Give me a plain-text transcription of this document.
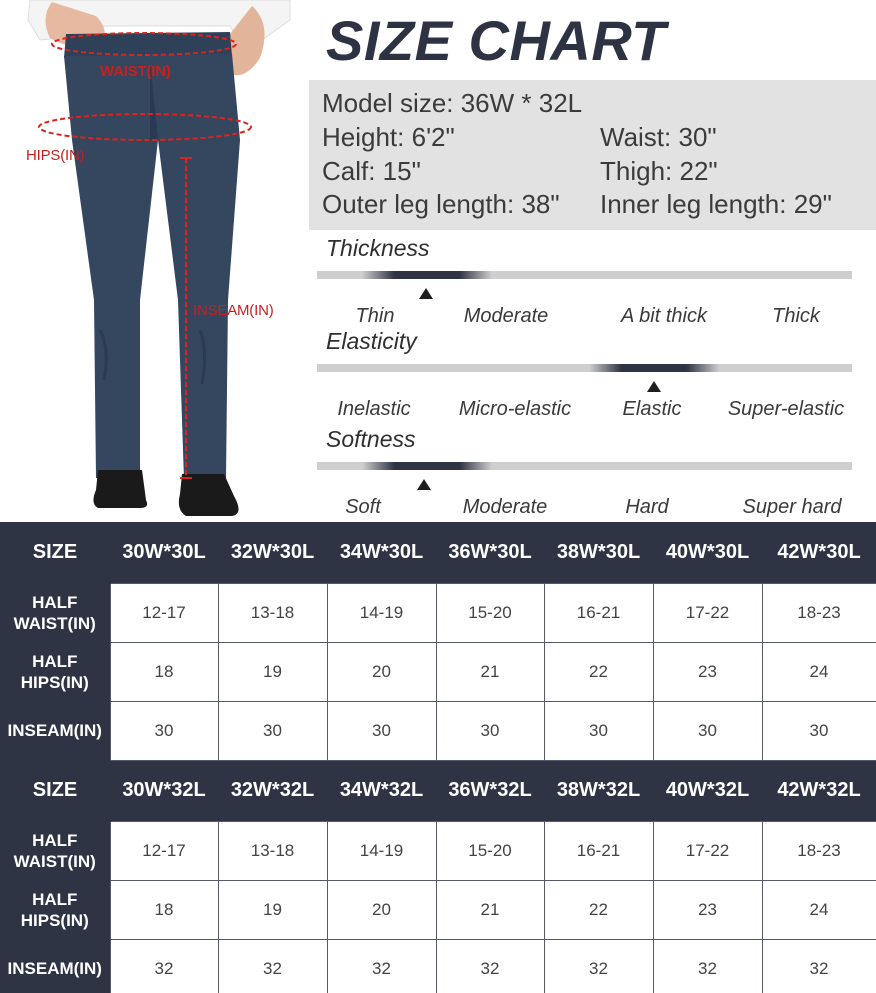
WAIST(IN)
HIPS(IN)
INSEAM(IN)
SIZE CHART
Model size: 36W * 32L
Height: 6'2"	Waist: 30"
Calf: 15"	Thigh: 22"
Outer leg length: 38" Inner leg length: 29"
Thickness
Thin	Moderate	A bit thick	Thick
Elasticity
Inelastic Micro-elastic	Elastic Super-elastic
Softness
Soft	Moderate	Hard	Super hard
SIZE	30W*30L	32W*30L	34W*30L	36W*30L	38W*30L	40W*30L	42W*30L
HALF
WAIST(IN)	12-17	13-18	14-19	15-20	16-21	17-22	18-23
HALF
HIPS(IN)	18	19	20	21	22	23	24
INSEAM(IN)	30	30	30	30	30	30	30
SIZE	30W*32L	32W*32L	34W*32L	36W*32L	38W*32L	40W*32L	42W*32L
HALF
WAIST(IN)	12-17	13-18	14-19	15-20	16-21	17-22	18-23
HALF
HIPS(IN)	18	19	20	21	22	23	24
INSEAM(IN)	32	32	32	32	32	32	32
